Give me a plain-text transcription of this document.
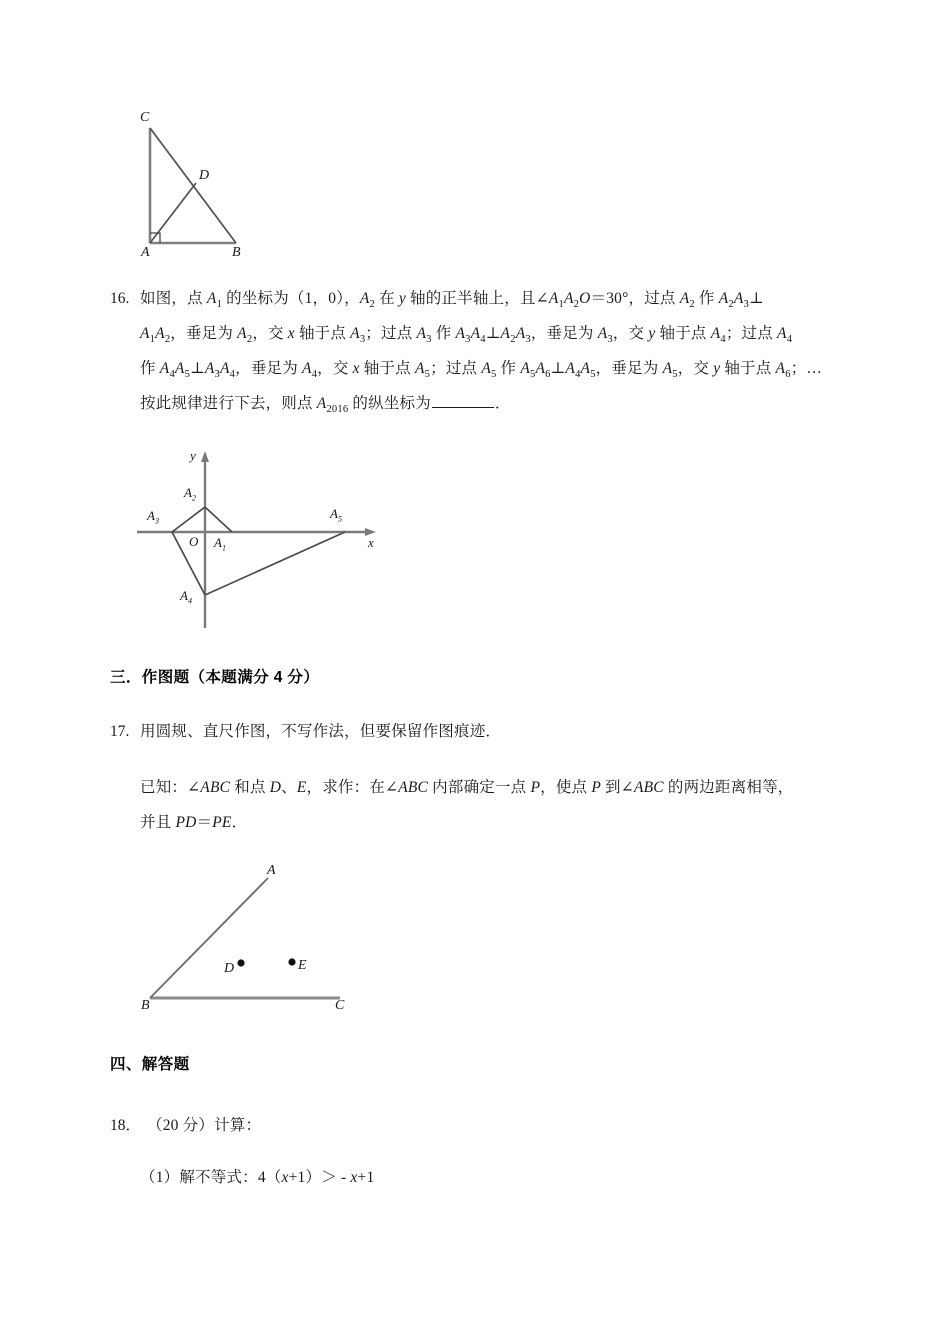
C
D
A	B
16. 如图，点 $A_1$ 的坐标为（1，0），$A_2$ 在 y 轴的正半轴上，且$\angle A_1A_2O=30^\circ$，过点 $A_2$ 作 $A_2A_3\perp$
$A_1A_2$，垂足为 $A_2$，交 x 轴于点 $A_3$；过点 $A_3$ 作 $A_3A_4\perp A_2A_3$，垂足为 $A_3$，交 y 轴于点 $A_4$；过点 $A_4$
作 $A_4A_5\perp A_3A_4$，垂足为 $A_4$，交 x 轴于点 $A_5$；过点 $A_5$ 作 $A_5A_6\perp A_4A_5$，垂足为 $A_5$，交 y 轴于点 $A_6$；…
按此规律进行下去，则点 $A_{2016}$ 的纵坐标为	．
y
x
O $A_1$
$A_2$
$A_3$
$A_4$
$A_5$
三．作图题（本题满分 4 分）
17. 用圆规、直尺作图，不写作法，但要保留作图痕迹．
已知：∠ABC 和点 D、E，求作：在∠ABC 内部确定一点 P，使点 P 到∠ABC 的两边距离相等，
并且 PD＝PE．
A
B	C
D	E
四、解答题
18． （20 分）计算：
（1）解不等式：4（x+1）＞ - x+1
